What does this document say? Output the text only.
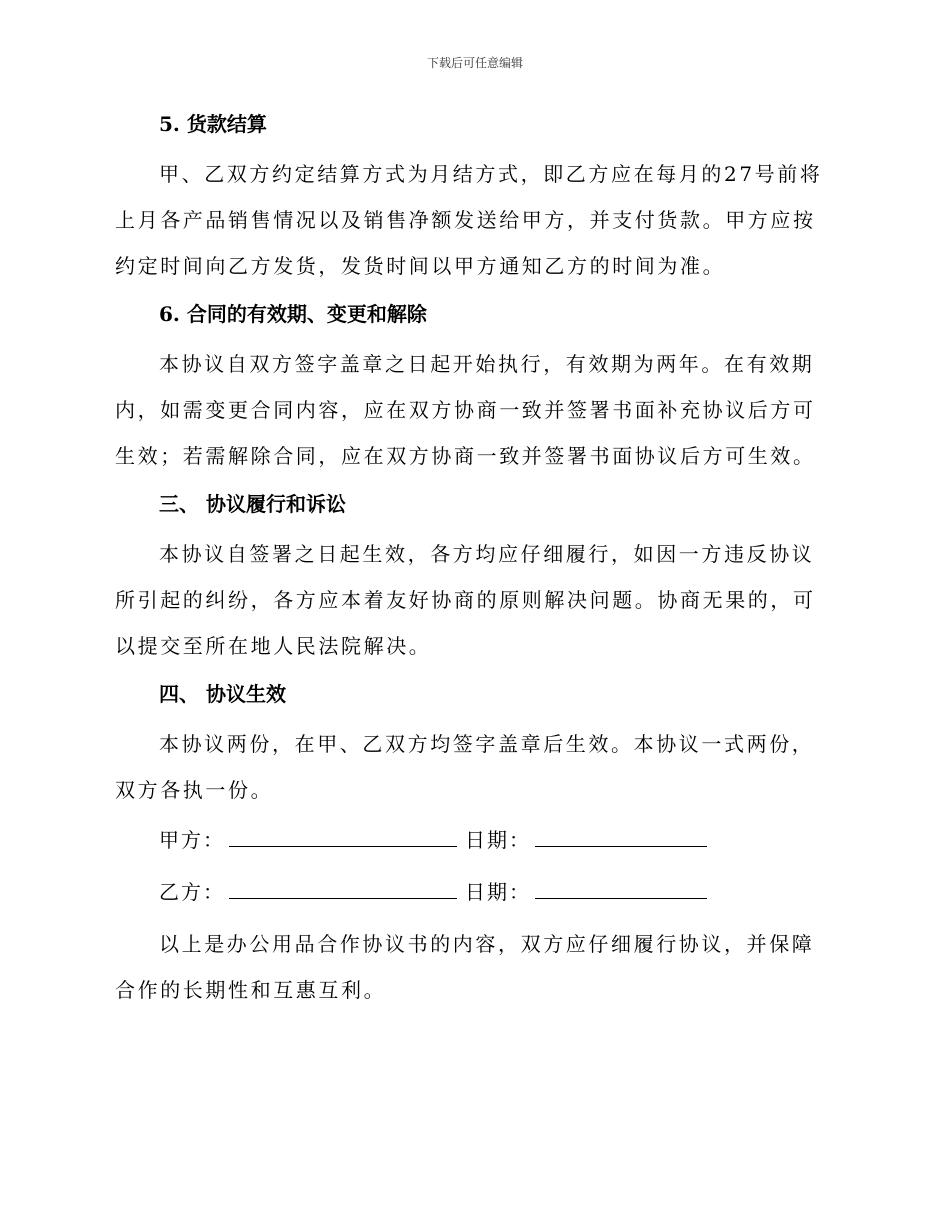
下载后可任意编辑
5. 货款结算

甲、乙双方约定结算方式为月结方式，即乙方应在每月的27号前将上月各产品销售情况以及销售净额发送给甲方，并支付货款。甲方应按约定时间向乙方发货，发货时间以甲方通知乙方的时间为准。

6. 合同的有效期、变更和解除

本协议自双方签字盖章之日起开始执行，有效期为两年。在有效期内，如需变更合同内容，应在双方协商一致并签署书面补充协议后方可生效；若需解除合同，应在双方协商一致并签署书面协议后方可生效。

三、 协议履行和诉讼

本协议自签署之日起生效，各方均应仔细履行，如因一方违反协议所引起的纠纷，各方应本着友好协商的原则解决问题。协商无果的，可以提交至所在地人民法院解决。

四、 协议生效

本协议两份，在甲、乙双方均签字盖章后生效。本协议一式两份，双方各执一份。

甲方：	日期：
乙方：	日期：

以上是办公用品合作协议书的内容，双方应仔细履行协议，并保障合作的长期性和互惠互利。
